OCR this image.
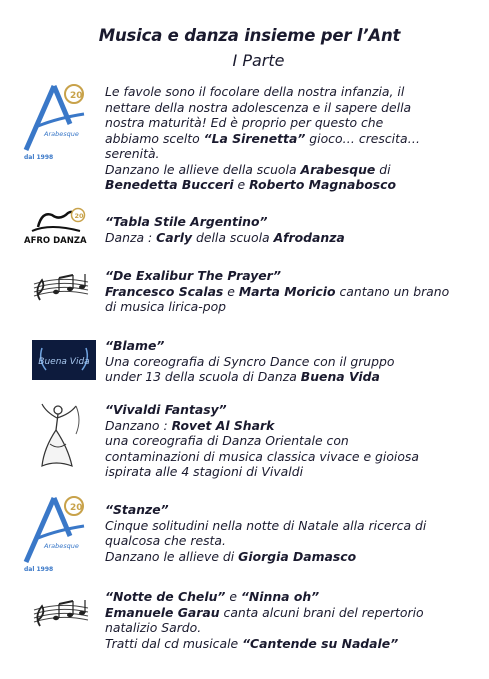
Musica e danza insieme per l’Ant
I Parte
20
Arabesque
dal 1998
Le favole sono il focolare della nostra infanzia, il
nettare della nostra adolescenza e il sapere della
nostra maturità! Ed è proprio per questo che
abbiamo scelto “La Sirenetta” gioco… crescita…
serenità.
Danzano le allieve della scuola Arabesque di
Benedetta Bucceri e Roberto Magnabosco
20
AFRO DANZA
“Tabla Stile Argentino”
Danza : Carly della scuola Afrodanza
“De Exalibur The Prayer”
Francesco Scalas e Marta Moricio cantano un brano
di musica lirica-pop
Buena Vida
“Blame”
Una coreografia di Syncro Dance con il gruppo
under 13 della scuola di Danza Buena Vida
“Vivaldi Fantasy”
Danzano : Rovet Al Shark
una coreografia di Danza Orientale con
contaminazioni di musica classica vivace e gioiosa
ispirata alle 4 stagioni di Vivaldi
20
Arabesque
dal 1998
“Stanze”
Cinque solitudini nella notte di Natale alla ricerca di
qualcosa che resta.
Danzano le allieve di Giorgia Damasco
“Notte de Chelu” e “Ninna oh”
Emanuele Garau canta alcuni brani del repertorio
natalizio Sardo.
Tratti dal cd musicale “Cantende su Nadale”
